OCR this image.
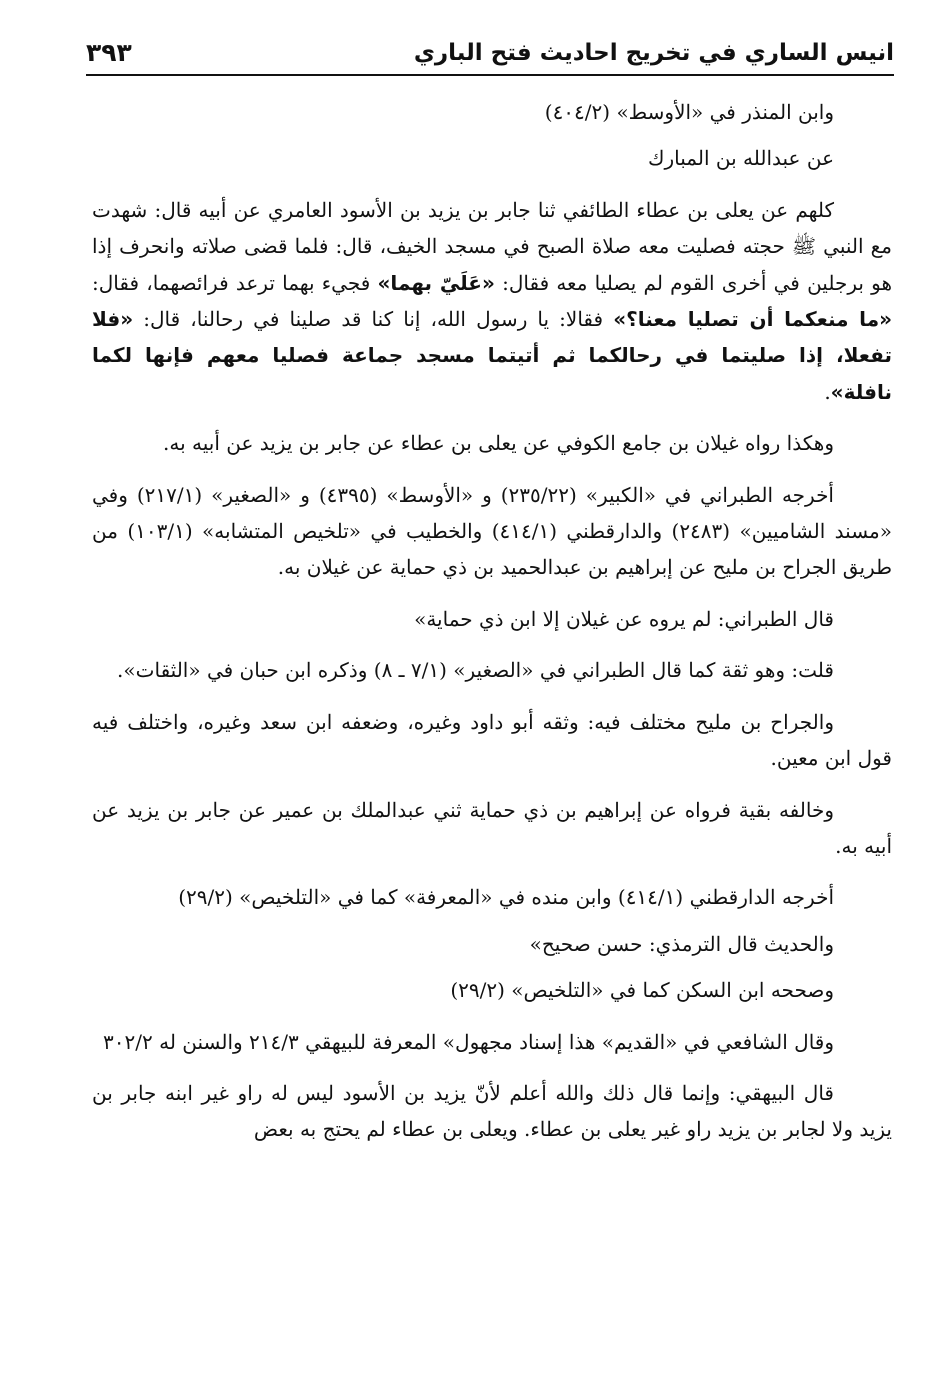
انيس الساري في تخريج احاديث فتح الباري
٣٩٣

وابن المنذر في «الأوسط» (٤٠٤/٢)

عن عبدالله بن المبارك

كلهم عن يعلى بن عطاء الطائفي ثنا جابر بن يزيد بن الأسود العامري عن أبيه قال: شهدت مع النبي ﷺ حجته فصليت معه صلاة الصبح في مسجد الخيف، قال: فلما قضى صلاته وانحرف إذا هو برجلين في أخرى القوم لم يصليا معه فقال: «عَلَيّ بهما» فجيء بهما ترعد فرائصهما، فقال: «ما منعكما أن تصليا معنا؟» فقالا: يا رسول الله، إنا كنا قد صلينا في رحالنا، قال: «فلا تفعلا، إذا صليتما في رحالكما ثم أتيتما مسجد جماعة فصليا معهم فإنها لكما نافلة».

وهكذا رواه غيلان بن جامع الكوفي عن يعلى بن عطاء عن جابر بن يزيد عن أبيه به.

أخرجه الطبراني في «الكبير» (٢٣٥/٢٢) و «الأوسط» (٤٣٩٥) و «الصغير» (٢١٧/١) وفي «مسند الشاميين» (٢٤٨٣) والدارقطني (٤١٤/١) والخطيب في «تلخيص المتشابه» (١٠٣/١) من طريق الجراح بن مليح عن إبراهيم بن عبدالحميد بن ذي حماية عن غيلان به.

قال الطبراني: لم يروه عن غيلان إلا ابن ذي حماية»

قلت: وهو ثقة كما قال الطبراني في «الصغير» (٧/١ ـ ٨) وذكره ابن حبان في «الثقات».

والجراح بن مليح مختلف فيه: وثقه أبو داود وغيره، وضعفه ابن سعد وغيره، واختلف فيه قول ابن معين.

وخالفه بقية فرواه عن إبراهيم بن ذي حماية ثني عبدالملك بن عمير عن جابر بن يزيد عن أبيه به.

أخرجه الدارقطني (٤١٤/١) وابن منده في «المعرفة» كما في «التلخيص» (٢٩/٢)

والحديث قال الترمذي: حسن صحيح»

وصححه ابن السكن كما في «التلخيص» (٢٩/٢)

وقال الشافعي في «القديم» هذا إسناد مجهول» المعرفة للبيهقي ٢١٤/٣ والسنن له ٣٠٢/٢

قال البيهقي: وإنما قال ذلك والله أعلم لأنّ يزيد بن الأسود ليس له راو غير ابنه جابر بن يزيد ولا لجابر بن يزيد راو غير يعلى بن عطاء. ويعلى بن عطاء لم يحتج به بعض
